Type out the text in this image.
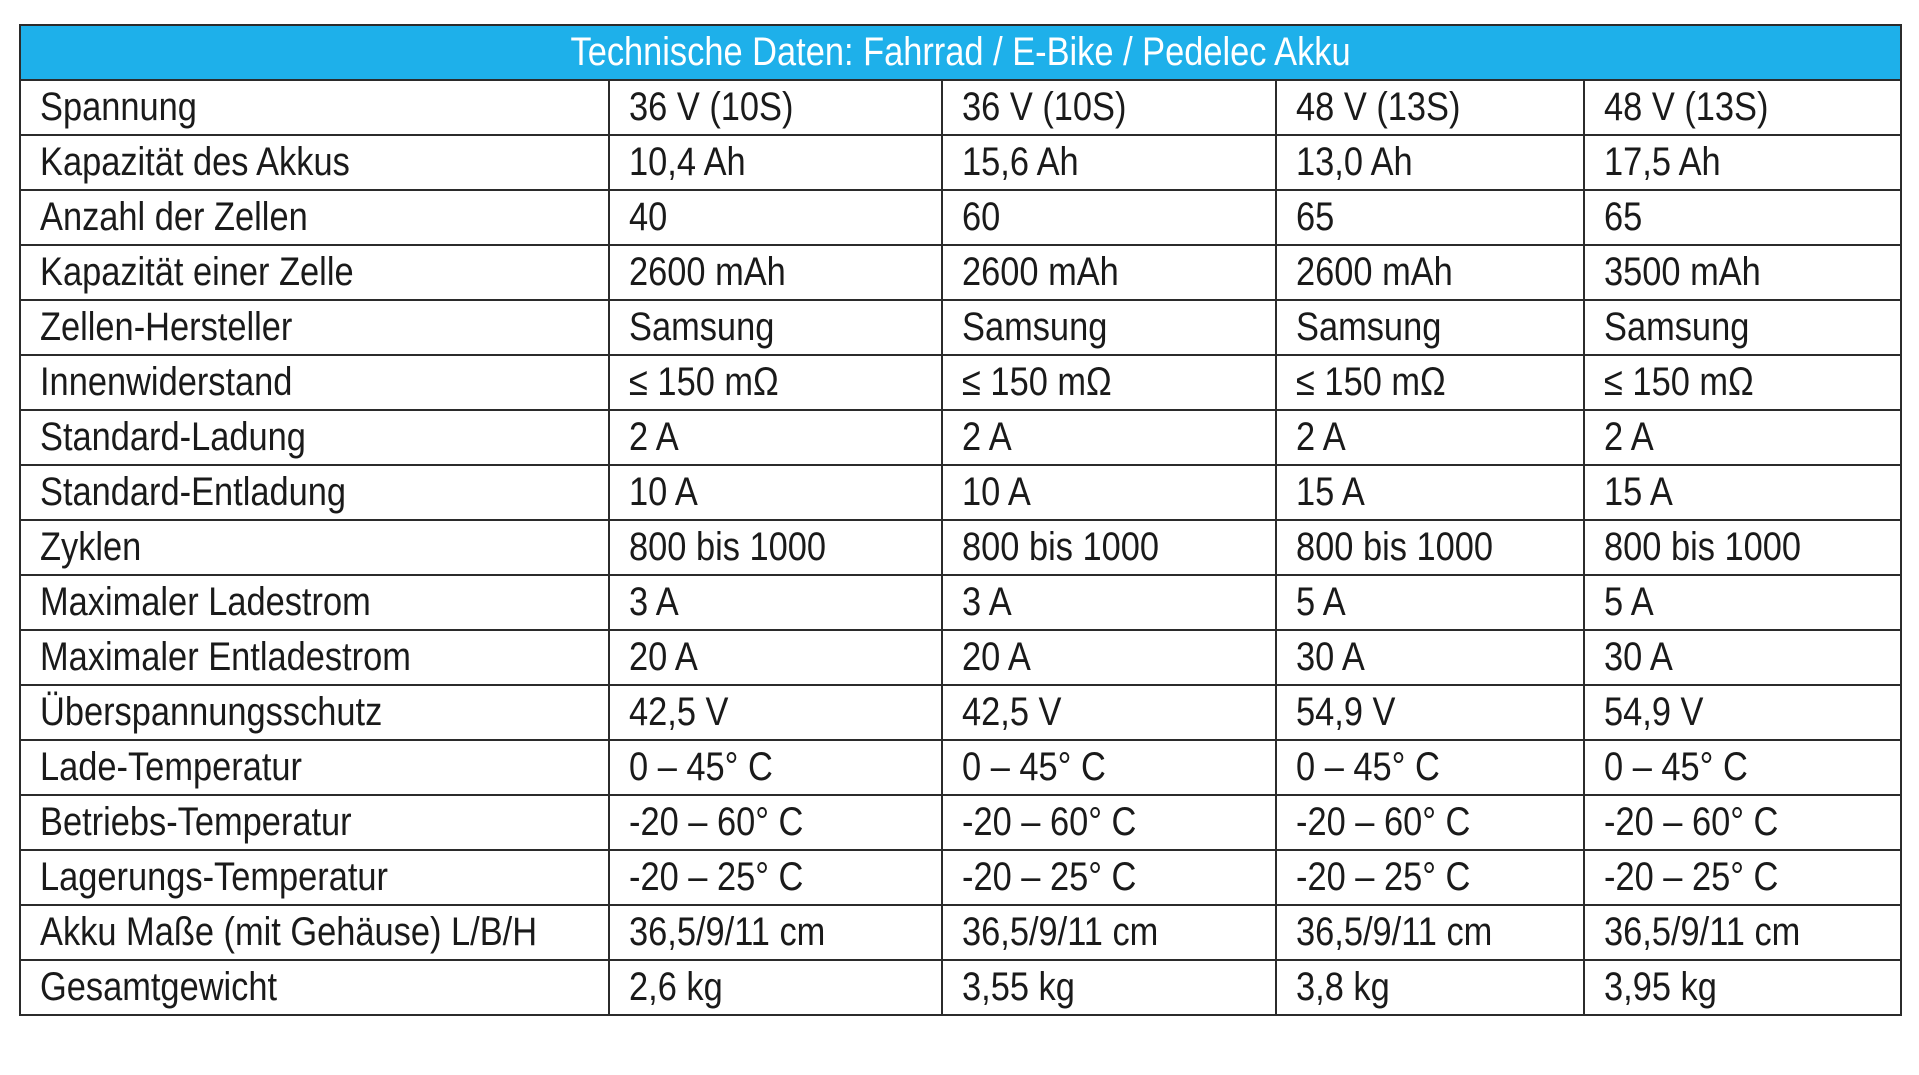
Technische Daten: Fahrrad / E-Bike / Pedelec Akku				
Spannung	36 V (10S)	36 V (10S)	48 V (13S)	48 V (13S)
Kapazität des Akkus	10,4 Ah	15,6 Ah	13,0 Ah	17,5 Ah
Anzahl der Zellen	40	60	65	65
Kapazität einer Zelle	2600 mAh	2600 mAh	2600 mAh	3500 mAh
Zellen-Hersteller	Samsung	Samsung	Samsung	Samsung
Innenwiderstand	≤ 150 mΩ	≤ 150 mΩ	≤ 150 mΩ	≤ 150 mΩ
Standard-Ladung	2 A	2 A	2 A	2 A
Standard-Entladung	10 A	10 A	15 A	15 A
Zyklen	800 bis 1000	800 bis 1000	800 bis 1000	800 bis 1000
Maximaler Ladestrom	3 A	3 A	5 A	5 A
Maximaler Entladestrom	20 A	20 A	30 A	30 A
Überspannungsschutz	42,5 V	42,5 V	54,9 V	54,9 V
Lade-Temperatur	0 – 45° C	0 – 45° C	0 – 45° C	0 – 45° C
Betriebs-Temperatur	-20 – 60° C	-20 – 60° C	-20 – 60° C	-20 – 60° C
Lagerungs-Temperatur	-20 – 25° C	-20 – 25° C	-20 – 25° C	-20 – 25° C
Akku Maße (mit Gehäuse) L/B/H	36,5/9/11 cm	36,5/9/11 cm	36,5/9/11 cm	36,5/9/11 cm
Gesamtgewicht	2,6 kg	3,55 kg	3,8 kg	3,95 kg
